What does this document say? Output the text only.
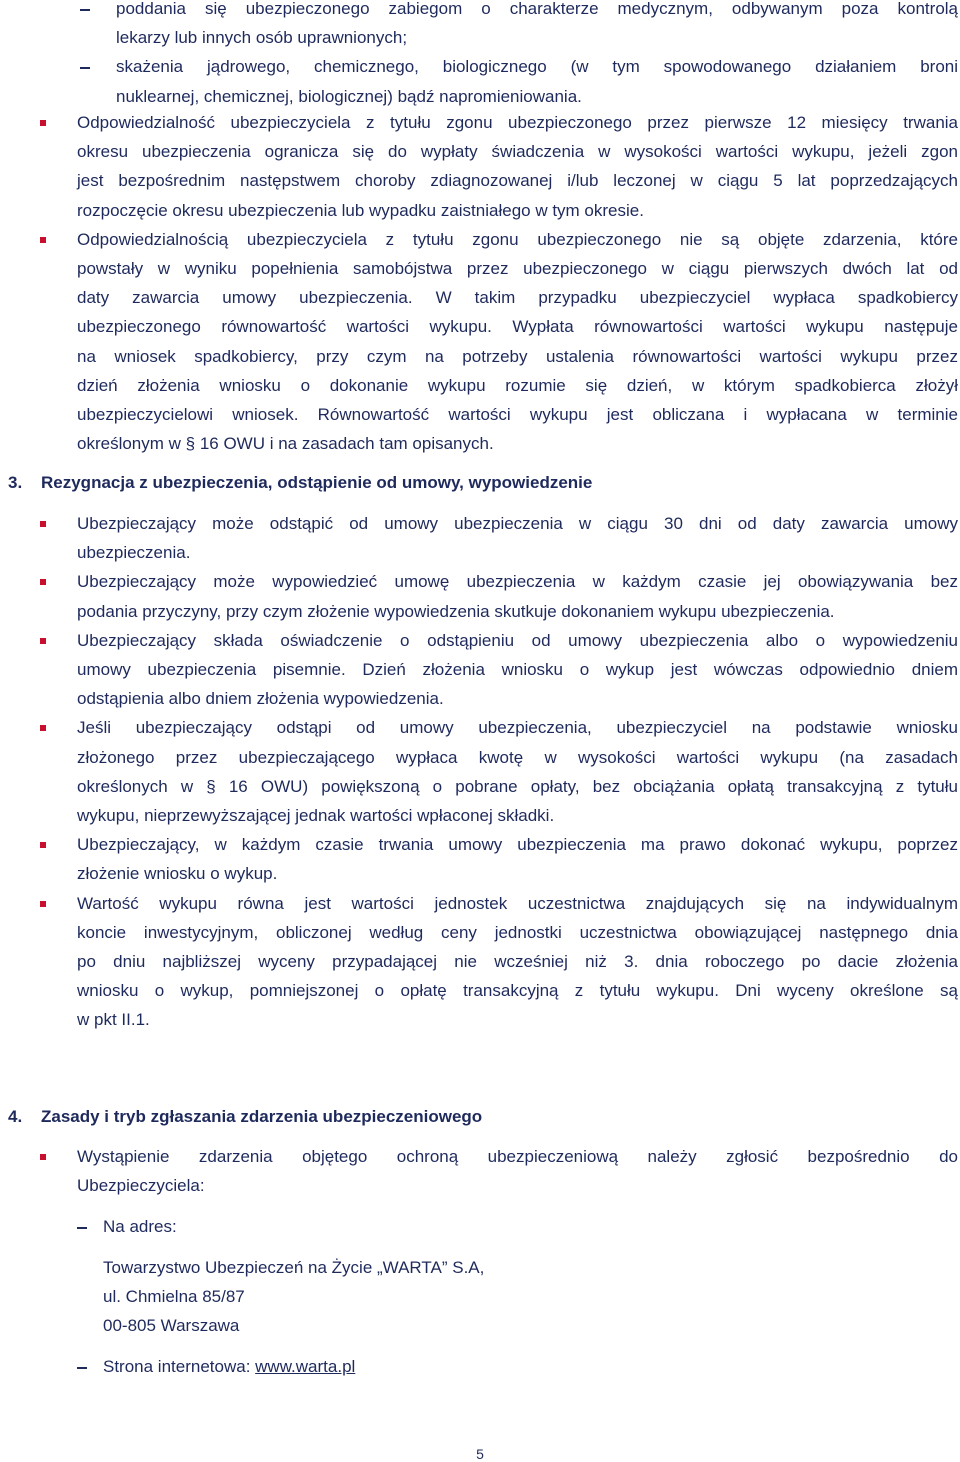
poddania się ubezpieczonego zabiegom o charakterze medycznym, odbywanym poza kontrolą
lekarzy lub innych osób uprawnionych;
skażenia jądrowego, chemicznego, biologicznego (w tym spowodowanego działaniem broni
nuklearnej, chemicznej, biologicznej) bądź napromieniowania.
Odpowiedzialność ubezpieczyciela z tytułu zgonu ubezpieczonego przez pierwsze 12 miesięcy trwania
okresu ubezpieczenia ogranicza się do wypłaty świadczenia w wysokości wartości wykupu, jeżeli zgon
jest bezpośrednim następstwem choroby zdiagnozowanej i/lub leczonej w ciągu 5 lat poprzedzających
rozpoczęcie okresu ubezpieczenia lub wypadku zaistniałego w tym okresie.
Odpowiedzialnością ubezpieczyciela z tytułu zgonu ubezpieczonego nie są objęte zdarzenia, które
powstały w wyniku popełnienia samobójstwa przez ubezpieczonego w ciągu pierwszych dwóch lat od
daty zawarcia umowy ubezpieczenia. W takim przypadku ubezpieczyciel wypłaca spadkobiercy
ubezpieczonego równowartość wartości wykupu. Wypłata równowartości wartości wykupu następuje
na wniosek spadkobiercy, przy czym na potrzeby ustalenia równowartości wartości wykupu przez
dzień złożenia wniosku o dokonanie wykupu rozumie się dzień, w którym spadkobierca złożył
ubezpieczycielowi wniosek. Równowartość wartości wykupu jest obliczana i wypłacana w terminie
określonym w § 16 OWU i na zasadach tam opisanych.
3. Rezygnacja z ubezpieczenia, odstąpienie od umowy, wypowiedzenie
Ubezpieczający może odstąpić od umowy ubezpieczenia w ciągu 30 dni od daty zawarcia umowy
ubezpieczenia.
Ubezpieczający może wypowiedzieć umowę ubezpieczenia w każdym czasie jej obowiązywania bez
podania przyczyny, przy czym złożenie wypowiedzenia skutkuje dokonaniem wykupu ubezpieczenia.
Ubezpieczający składa oświadczenie o odstąpieniu od umowy ubezpieczenia albo o wypowiedzeniu
umowy ubezpieczenia pisemnie. Dzień złożenia wniosku o wykup jest wówczas odpowiednio dniem
odstąpienia albo dniem złożenia wypowiedzenia.
Jeśli ubezpieczający odstąpi od umowy ubezpieczenia, ubezpieczyciel na podstawie wniosku
złożonego przez ubezpieczającego wypłaca kwotę w wysokości wartości wykupu (na zasadach
określonych w § 16 OWU) powiększoną o pobrane opłaty, bez obciążania opłatą transakcyjną z tytułu
wykupu, nieprzewyższającej jednak wartości wpłaconej składki.
Ubezpieczający, w każdym czasie trwania umowy ubezpieczenia ma prawo dokonać wykupu, poprzez
złożenie wniosku o wykup.
Wartość wykupu równa jest wartości jednostek uczestnictwa znajdujących się na indywidualnym
koncie inwestycyjnym, obliczonej według ceny jednostki uczestnictwa obowiązującej następnego dnia
po dniu najbliższej wyceny przypadającej nie wcześniej niż 3. dnia roboczego po dacie złożenia
wniosku o wykup, pomniejszonej o opłatę transakcyjną z tytułu wykupu. Dni wyceny określone są
w pkt II.1.
4. Zasady i tryb zgłaszania zdarzenia ubezpieczeniowego
Wystąpienie zdarzenia objętego ochroną ubezpieczeniową należy zgłosić bezpośrednio do
Ubezpieczyciela:
Na adres:
Towarzystwo Ubezpieczeń na Życie „WARTA” S.A,
ul. Chmielna 85/87
00-805 Warszawa
Strona internetowa: www.warta.pl
5
